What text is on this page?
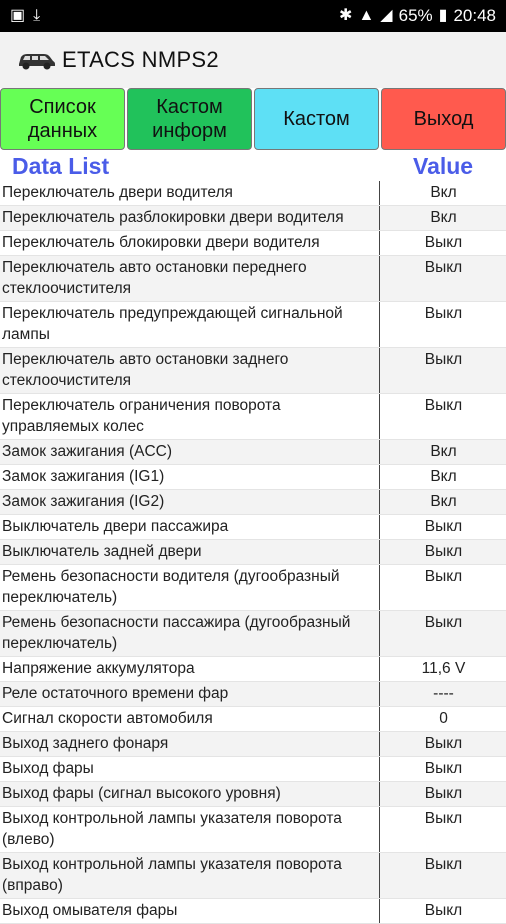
▣ ⤓	✱ ▲ ◢ 65% ▮ 20:48
ETACS NMPS2
Список
данных
Кастом
информ
Кастом	Выход
Data List	Value
Переключатель двери водителя	Вкл
Переключатель разблокировки двери водителя	Вкл
Переключатель блокировки двери водителя	Выкл
Переключатель авто остановки переднего стеклоочистителя
Выкл
Переключатель предупреждающей сигнальной лампы
Выкл
Переключатель авто остановки заднего стеклоочистителя
Выкл
Переключатель ограничения поворота управляемых колес
Выкл
Замок зажигания (ACC)	Вкл
Замок зажигания (IG1)	Вкл
Замок зажигания (IG2)	Вкл
Выключатель двери пассажира	Выкл
Выключатель задней двери	Выкл
Ремень безопасности водителя (дугообразный переключатель)
Выкл
Ремень безопасности пассажира (дугообразный переключатель)
Выкл
Напряжение аккумулятора	11,6 V
Реле остаточного времени фар	----
Сигнал скорости автомобиля	0
Выход заднего фонаря	Выкл
Выход фары	Выкл
Выход фары (сигнал высокого уровня)	Выкл
Выход контрольной лампы указателя поворота (влево)
Выкл
Выход контрольной лампы указателя поворота (вправо)
Выкл
Выход омывателя фары	Выкл
